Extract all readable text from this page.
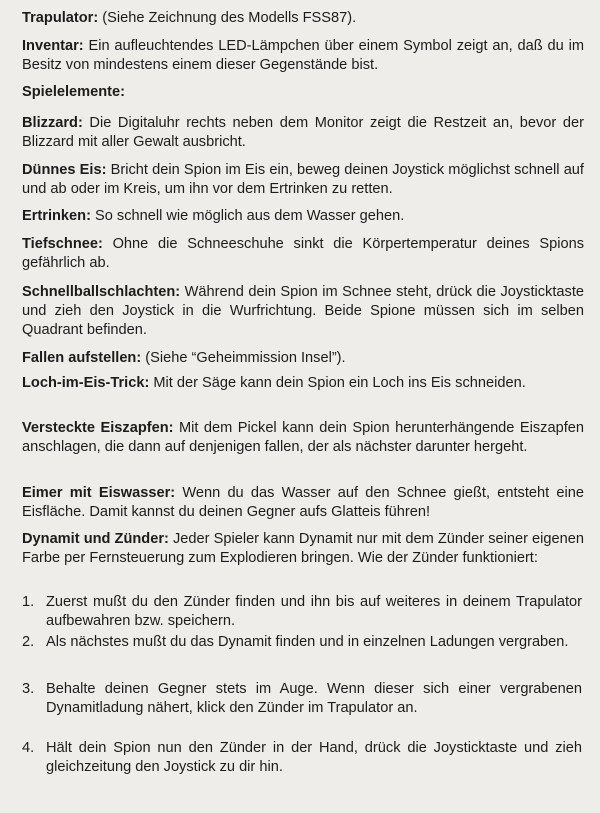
Trapulator: (Siehe Zeichnung des Modells FSS87).

Inventar: Ein aufleuchtendes LED-Lämpchen über einem Symbol zeigt an, daß du im Besitz von mindestens einem dieser Gegenstände bist.

Spielelemente:

Blizzard: Die Digitaluhr rechts neben dem Monitor zeigt die Restzeit an, bevor der Blizzard mit aller Gewalt ausbricht.

Dünnes Eis: Bricht dein Spion im Eis ein, beweg deinen Joystick möglichst schnell auf und ab oder im Kreis, um ihn vor dem Ertrinken zu retten.

Ertrinken: So schnell wie möglich aus dem Wasser gehen.

Tiefschnee: Ohne die Schneeschuhe sinkt die Körpertemperatur deines Spions gefährlich ab.

Schnellballschlachten: Während dein Spion im Schnee steht, drück die Joysticktaste und zieh den Joystick in die Wurfrichtung. Beide Spione müssen sich im selben Quadrant befinden.

Fallen aufstellen: (Siehe “Geheimmission Insel”).

Loch-im-Eis-Trick: Mit der Säge kann dein Spion ein Loch ins Eis schneiden.

Versteckte Eiszapfen: Mit dem Pickel kann dein Spion herunterhängende Eiszapfen anschlagen, die dann auf denjenigen fallen, der als nächster darunter hergeht.

Eimer mit Eiswasser: Wenn du das Wasser auf den Schnee gießt, entsteht eine Eisfläche. Damit kannst du deinen Gegner aufs Glatteis führen!

Dynamit und Zünder: Jeder Spieler kann Dynamit nur mit dem Zünder seiner eigenen Farbe per Fernsteuerung zum Explodieren bringen. Wie der Zünder funktioniert:

1. Zuerst mußt du den Zünder finden und ihn bis auf weiteres in deinem Trapulator aufbewahren bzw. speichern.

2. Als nächstes mußt du das Dynamit finden und in einzelnen Ladungen vergraben.

3. Behalte deinen Gegner stets im Auge. Wenn dieser sich einer vergrabenen Dynamitladung nähert, klick den Zünder im Trapulator an.

4. Hält dein Spion nun den Zünder in der Hand, drück die Joysticktaste und zieh gleichzeitung den Joystick zu dir hin.
